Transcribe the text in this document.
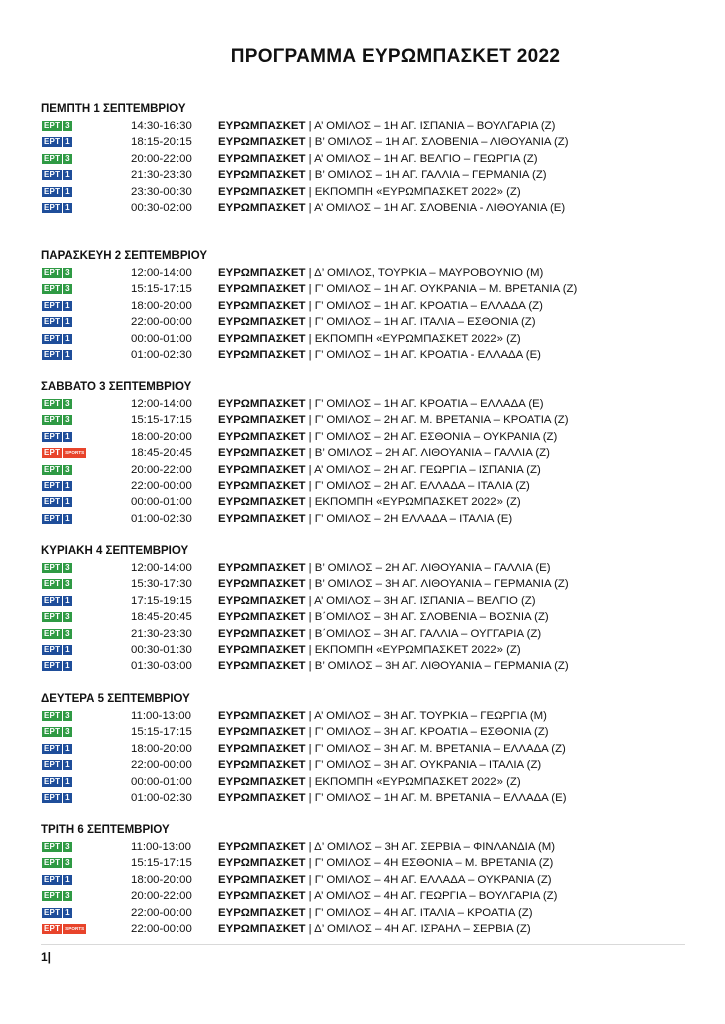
ΠΡΟΓΡΑΜΜΑ ΕΥΡΩΜΠΑΣΚΕΤ 2022
ΠΕΜΠΤΗ 1 ΣΕΠΤΕΜΒΡΙΟΥ
ΕΡΤ 3	14:30-16:30 ΕΥΡΩΜΠΑΣΚΕΤ | Α’ ΟΜΙΛΟΣ – 1Η ΑΓ. ΙΣΠΑΝΙΑ – ΒΟΥΛΓΑΡΙΑ (Ζ)
ΕΡΤ 1	18:15-20:15 ΕΥΡΩΜΠΑΣΚΕΤ | Β’ ΟΜΙΛΟΣ – 1Η ΑΓ. ΣΛΟΒΕΝΙΑ – ΛΙΘΟΥΑΝΙΑ (Ζ)
ΕΡΤ 3	20:00-22:00 ΕΥΡΩΜΠΑΣΚΕΤ | Α’ ΟΜΙΛΟΣ – 1Η ΑΓ. ΒΕΛΓΙΟ – ΓΕΩΡΓΙΑ (Ζ)
ΕΡΤ 1	21:30-23:30 ΕΥΡΩΜΠΑΣΚΕΤ | Β’ ΟΜΙΛΟΣ – 1Η ΑΓ. ΓΑΛΛΙΑ – ΓΕΡΜΑΝΙΑ (Ζ)
ΕΡΤ 1	23:30-00:30 ΕΥΡΩΜΠΑΣΚΕΤ | ΕΚΠΟΜΠΗ «ΕΥΡΩΜΠΑΣΚΕΤ 2022» (Ζ)
ΕΡΤ 1	00:30-02:00 ΕΥΡΩΜΠΑΣΚΕΤ | Α’ ΟΜΙΛΟΣ – 1Η ΑΓ. ΣΛΟΒΕΝΙΑ - ΛΙΘΟΥΑΝΙΑ (Ε)
ΠΑΡΑΣΚΕΥΗ 2 ΣΕΠΤΕΜΒΡΙΟΥ
ΕΡΤ 3	12:00-14:00 ΕΥΡΩΜΠΑΣΚΕΤ | Δ’ ΟΜΙΛΟΣ, ΤΟΥΡΚΙΑ – ΜΑΥΡΟΒΟΥΝΙΟ (Μ)
ΕΡΤ 3	15:15-17:15 ΕΥΡΩΜΠΑΣΚΕΤ | Γ’ ΟΜΙΛΟΣ – 1Η ΑΓ. ΟΥΚΡΑΝΙΑ – Μ. ΒΡΕΤΑΝΙΑ (Ζ)
ΕΡΤ 1	18:00-20:00 ΕΥΡΩΜΠΑΣΚΕΤ | Γ’ ΟΜΙΛΟΣ – 1Η ΑΓ. ΚΡΟΑΤΙΑ – ΕΛΛΑΔΑ (Ζ)
ΕΡΤ 1	22:00-00:00 ΕΥΡΩΜΠΑΣΚΕΤ | Γ’ ΟΜΙΛΟΣ – 1Η ΑΓ. ΙΤΑΛΙΑ – ΕΣΘΟΝΙΑ (Ζ)
ΕΡΤ 1	00:00-01:00 ΕΥΡΩΜΠΑΣΚΕΤ | ΕΚΠΟΜΠΗ «ΕΥΡΩΜΠΑΣΚΕΤ 2022» (Ζ)
ΕΡΤ 1	01:00-02:30 ΕΥΡΩΜΠΑΣΚΕΤ | Γ’ ΟΜΙΛΟΣ – 1Η ΑΓ. ΚΡΟΑΤΙΑ - ΕΛΛΑΔΑ (Ε)
ΣΑΒΒΑΤΟ 3 ΣΕΠΤΕΜΒΡΙΟΥ
ΕΡΤ 3	12:00-14:00 ΕΥΡΩΜΠΑΣΚΕΤ | Γ’ ΟΜΙΛΟΣ – 1Η ΑΓ. ΚΡΟΑΤΙΑ – ΕΛΛΑΔΑ (Ε)
ΕΡΤ 3	15:15-17:15 ΕΥΡΩΜΠΑΣΚΕΤ | Γ’ ΟΜΙΛΟΣ – 2Η ΑΓ. Μ. ΒΡΕΤΑΝΙΑ – ΚΡΟΑΤΙΑ (Ζ)
ΕΡΤ 1	18:00-20:00 ΕΥΡΩΜΠΑΣΚΕΤ | Γ’ ΟΜΙΛΟΣ – 2Η ΑΓ. ΕΣΘΟΝΙΑ – ΟΥΚΡΑΝΙΑ (Ζ)
ΕΡΤ	SPORTS	18:45-20:45 ΕΥΡΩΜΠΑΣΚΕΤ | Β’ ΟΜΙΛΟΣ – 2Η ΑΓ. ΛΙΘΟΥΑΝΙΑ – ΓΑΛΛΙΑ (Ζ)
ΕΡΤ 3	20:00-22:00 ΕΥΡΩΜΠΑΣΚΕΤ | Α’ ΟΜΙΛΟΣ – 2Η ΑΓ. ΓΕΩΡΓΙΑ – ΙΣΠΑΝΙΑ (Ζ)
ΕΡΤ 1	22:00-00:00 ΕΥΡΩΜΠΑΣΚΕΤ | Γ’ ΟΜΙΛΟΣ – 2Η ΑΓ. ΕΛΛΑΔΑ – ΙΤΑΛΙΑ (Ζ)
ΕΡΤ 1	00:00-01:00 ΕΥΡΩΜΠΑΣΚΕΤ | ΕΚΠΟΜΠΗ «ΕΥΡΩΜΠΑΣΚΕΤ 2022» (Ζ)
ΕΡΤ 1	01:00-02:30 ΕΥΡΩΜΠΑΣΚΕΤ | Γ’ ΟΜΙΛΟΣ – 2Η ΕΛΛΑΔΑ – ΙΤΑΛΙΑ (Ε)
ΚΥΡΙΑΚΗ 4 ΣΕΠΤΕΜΒΡΙΟΥ
ΕΡΤ 3	12:00-14:00 ΕΥΡΩΜΠΑΣΚΕΤ | Β’ ΟΜΙΛΟΣ – 2Η ΑΓ. ΛΙΘΟΥΑΝΙΑ – ΓΑΛΛΙΑ (Ε)
ΕΡΤ 3	15:30-17:30 ΕΥΡΩΜΠΑΣΚΕΤ | Β’ ΟΜΙΛΟΣ – 3Η ΑΓ. ΛΙΘΟΥΑΝΙΑ – ΓΕΡΜΑΝΙΑ (Ζ)
ΕΡΤ 1	17:15-19:15 ΕΥΡΩΜΠΑΣΚΕΤ | Α’ ΟΜΙΛΟΣ – 3Η ΑΓ. ΙΣΠΑΝΙΑ – ΒΕΛΓΙΟ (Ζ)
ΕΡΤ 3	18:45-20:45 ΕΥΡΩΜΠΑΣΚΕΤ | Β΄ΟΜΙΛΟΣ – 3Η ΑΓ. ΣΛΟΒΕΝΙΑ – ΒΟΣΝΙΑ (Ζ)
ΕΡΤ 3	21:30-23:30 ΕΥΡΩΜΠΑΣΚΕΤ | Β΄ΟΜΙΛΟΣ – 3Η ΑΓ. ΓΑΛΛΙΑ – ΟΥΓΓΑΡΙΑ (Ζ)
ΕΡΤ 1	00:30-01:30 ΕΥΡΩΜΠΑΣΚΕΤ | ΕΚΠΟΜΠΗ «ΕΥΡΩΜΠΑΣΚΕΤ 2022» (Ζ)
ΕΡΤ 1	01:30-03:00 ΕΥΡΩΜΠΑΣΚΕΤ | Β’ ΟΜΙΛΟΣ – 3Η ΑΓ. ΛΙΘΟΥΑΝΙΑ – ΓΕΡΜΑΝΙΑ (Ζ)
ΔΕΥΤΕΡΑ 5 ΣΕΠΤΕΜΒΡΙΟΥ
ΕΡΤ 3	11:00-13:00 ΕΥΡΩΜΠΑΣΚΕΤ | Α’ ΟΜΙΛΟΣ – 3Η ΑΓ. ΤΟΥΡΚΙΑ – ΓΕΩΡΓΙΑ (Μ)
ΕΡΤ 3	15:15-17:15 ΕΥΡΩΜΠΑΣΚΕΤ | Γ’ ΟΜΙΛΟΣ – 3Η ΑΓ. ΚΡΟΑΤΙΑ – ΕΣΘΟΝΙΑ (Ζ)
ΕΡΤ 1	18:00-20:00 ΕΥΡΩΜΠΑΣΚΕΤ | Γ’ ΟΜΙΛΟΣ – 3Η ΑΓ. Μ. ΒΡΕΤΑΝΙΑ – ΕΛΛΑΔΑ (Ζ)
ΕΡΤ 1	22:00-00:00 ΕΥΡΩΜΠΑΣΚΕΤ | Γ’ ΟΜΙΛΟΣ – 3Η ΑΓ. ΟΥΚΡΑΝΙΑ – ΙΤΑΛΙΑ (Ζ)
ΕΡΤ 1	00:00-01:00 ΕΥΡΩΜΠΑΣΚΕΤ | ΕΚΠΟΜΠΗ «ΕΥΡΩΜΠΑΣΚΕΤ 2022» (Ζ)
ΕΡΤ 1	01:00-02:30 ΕΥΡΩΜΠΑΣΚΕΤ | Γ’ ΟΜΙΛΟΣ – 1Η ΑΓ. Μ. ΒΡΕΤΑΝΙΑ – ΕΛΛΑΔΑ (Ε)
ΤΡΙΤΗ 6 ΣΕΠΤΕΜΒΡΙΟΥ
ΕΡΤ 3	11:00-13:00 ΕΥΡΩΜΠΑΣΚΕΤ | Δ’ ΟΜΙΛΟΣ – 3Η ΑΓ. ΣΕΡΒΙΑ – ΦΙΝΛΑΝΔΙΑ (Μ)
ΕΡΤ 3	15:15-17:15 ΕΥΡΩΜΠΑΣΚΕΤ | Γ’ ΟΜΙΛΟΣ – 4Η ΕΣΘΟΝΙΑ – Μ. ΒΡΕΤΑΝΙΑ (Ζ)
ΕΡΤ 1	18:00-20:00 ΕΥΡΩΜΠΑΣΚΕΤ | Γ’ ΟΜΙΛΟΣ – 4Η ΑΓ. ΕΛΛΑΔΑ – ΟΥΚΡΑΝΙΑ (Ζ)
ΕΡΤ 3	20:00-22:00 ΕΥΡΩΜΠΑΣΚΕΤ | Α’ ΟΜΙΛΟΣ – 4Η ΑΓ. ΓΕΩΡΓΙΑ – ΒΟΥΛΓΑΡΙΑ (Ζ)
ΕΡΤ 1	22:00-00:00 ΕΥΡΩΜΠΑΣΚΕΤ | Γ’ ΟΜΙΛΟΣ – 4Η ΑΓ. ΙΤΑΛΙΑ – ΚΡΟΑΤΙΑ (Ζ)
ΕΡΤ	SPORTS	22:00-00:00 ΕΥΡΩΜΠΑΣΚΕΤ | Δ’ ΟΜΙΛΟΣ – 4Η ΑΓ. ΙΣΡΑΗΛ – ΣΕΡΒΙΑ (Ζ)
1|
